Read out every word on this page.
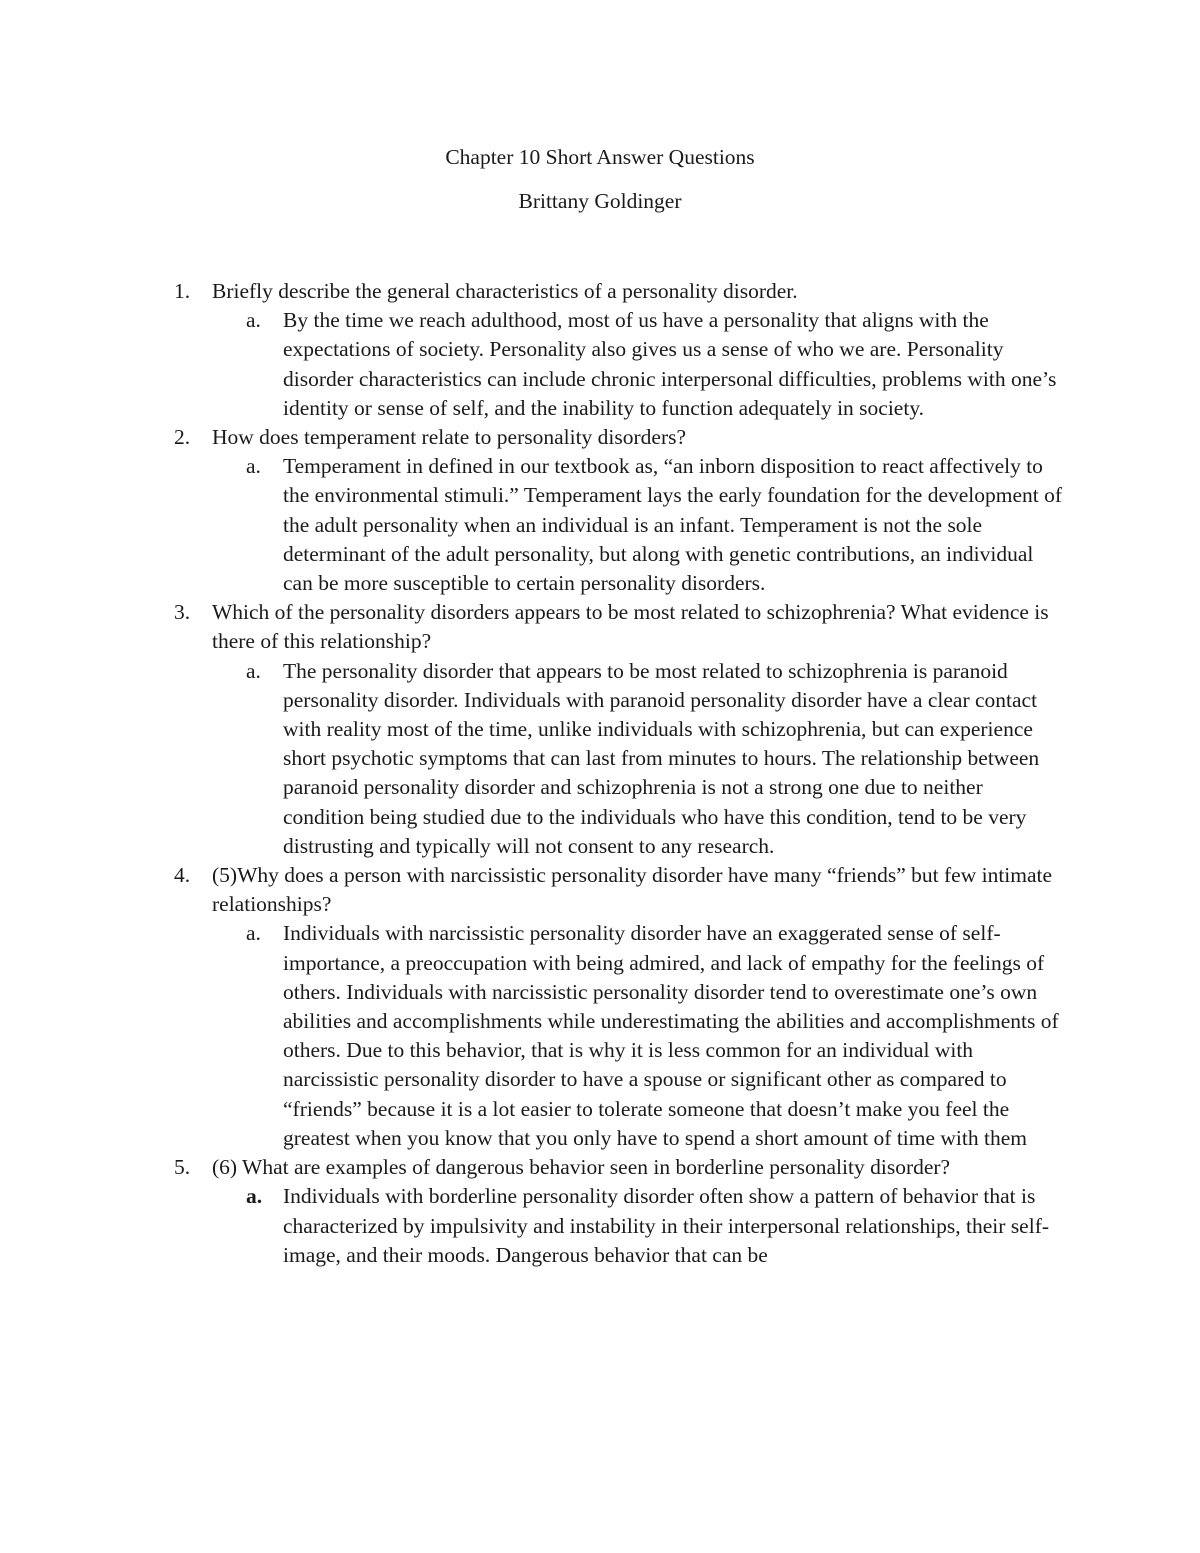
Chapter 10 Short Answer Questions
Brittany Goldinger
1. Briefly describe the general characteristics of a personality disorder.
a. By the time we reach adulthood, most of us have a personality that aligns with the expectations of society. Personality also gives us a sense of who we are. Personality disorder characteristics can include chronic interpersonal difficulties, problems with one’s identity or sense of self, and the inability to function adequately in society.
2. How does temperament relate to personality disorders?
a. Temperament in defined in our textbook as, “an inborn disposition to react affectively to the environmental stimuli.” Temperament lays the early foundation for the development of the adult personality when an individual is an infant. Temperament is not the sole determinant of the adult personality, but along with genetic contributions, an individual can be more susceptible to certain personality disorders.
3. Which of the personality disorders appears to be most related to schizophrenia? What evidence is there of this relationship?
a. The personality disorder that appears to be most related to schizophrenia is paranoid personality disorder. Individuals with paranoid personality disorder have a clear contact with reality most of the time, unlike individuals with schizophrenia, but can experience short psychotic symptoms that can last from minutes to hours. The relationship between paranoid personality disorder and schizophrenia is not a strong one due to neither condition being studied due to the individuals who have this condition, tend to be very distrusting and typically will not consent to any research.
4. (5)Why does a person with narcissistic personality disorder have many “friends” but few intimate relationships?
a. Individuals with narcissistic personality disorder have an exaggerated sense of self-importance, a preoccupation with being admired, and lack of empathy for the feelings of others. Individuals with narcissistic personality disorder tend to overestimate one’s own abilities and accomplishments while underestimating the abilities and accomplishments of others. Due to this behavior, that is why it is less common for an individual with narcissistic personality disorder to have a spouse or significant other as compared to “friends” because it is a lot easier to tolerate someone that doesn’t make you feel the greatest when you know that you only have to spend a short amount of time with them
5. (6) What are examples of dangerous behavior seen in borderline personality disorder?
a. Individuals with borderline personality disorder often show a pattern of behavior that is characterized by impulsivity and instability in their interpersonal relationships, their self-image, and their moods. Dangerous behavior that can be
